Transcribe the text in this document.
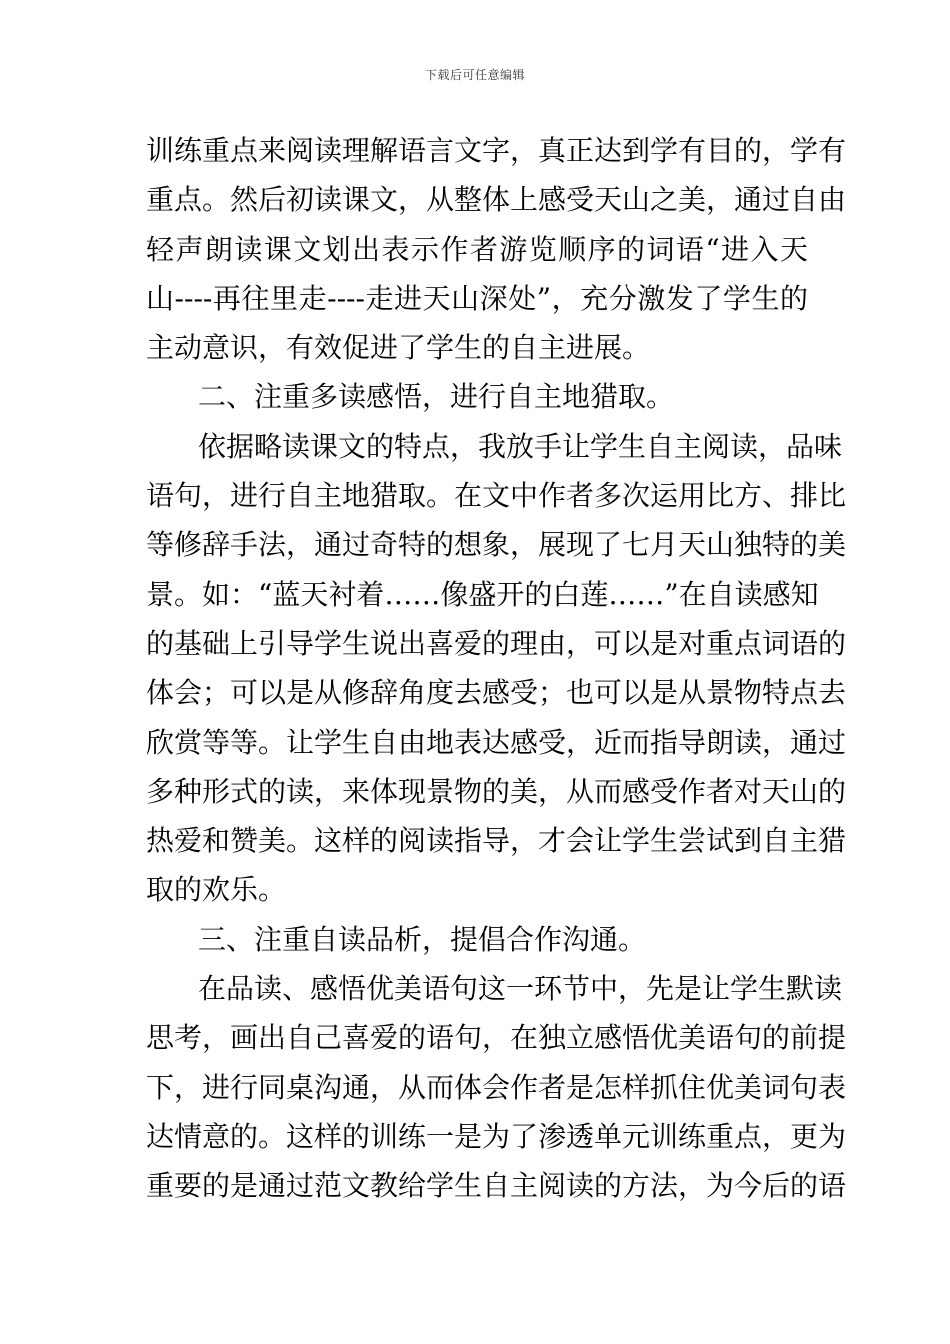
下载后可任意编辑
训练重点来阅读理解语言文字，真正达到学有目的，学有
重点。然后初读课文，从整体上感受天山之美，通过自由
轻声朗读课文划出表示作者游览顺序的词语“进入天
山----再往里走----走进天山深处”，充分激发了学生的
主动意识，有效促进了学生的自主进展。
二、注重多读感悟，进行自主地猎取。
依据略读课文的特点，我放手让学生自主阅读，品味
语句，进行自主地猎取。在文中作者多次运用比方、排比
等修辞手法，通过奇特的想象，展现了七月天山独特的美
景。如：“蓝天衬着……像盛开的白莲……”在自读感知
的基础上引导学生说出喜爱的理由，可以是对重点词语的
体会；可以是从修辞角度去感受；也可以是从景物特点去
欣赏等等。让学生自由地表达感受，近而指导朗读，通过
多种形式的读，来体现景物的美，从而感受作者对天山的
热爱和赞美。这样的阅读指导，才会让学生尝试到自主猎
取的欢乐。
三、注重自读品析，提倡合作沟通。
在品读、感悟优美语句这一环节中，先是让学生默读
思考，画出自己喜爱的语句，在独立感悟优美语句的前提
下，进行同桌沟通，从而体会作者是怎样抓住优美词句表
达情意的。这样的训练一是为了渗透单元训练重点，更为
重要的是通过范文教给学生自主阅读的方法，为今后的语
